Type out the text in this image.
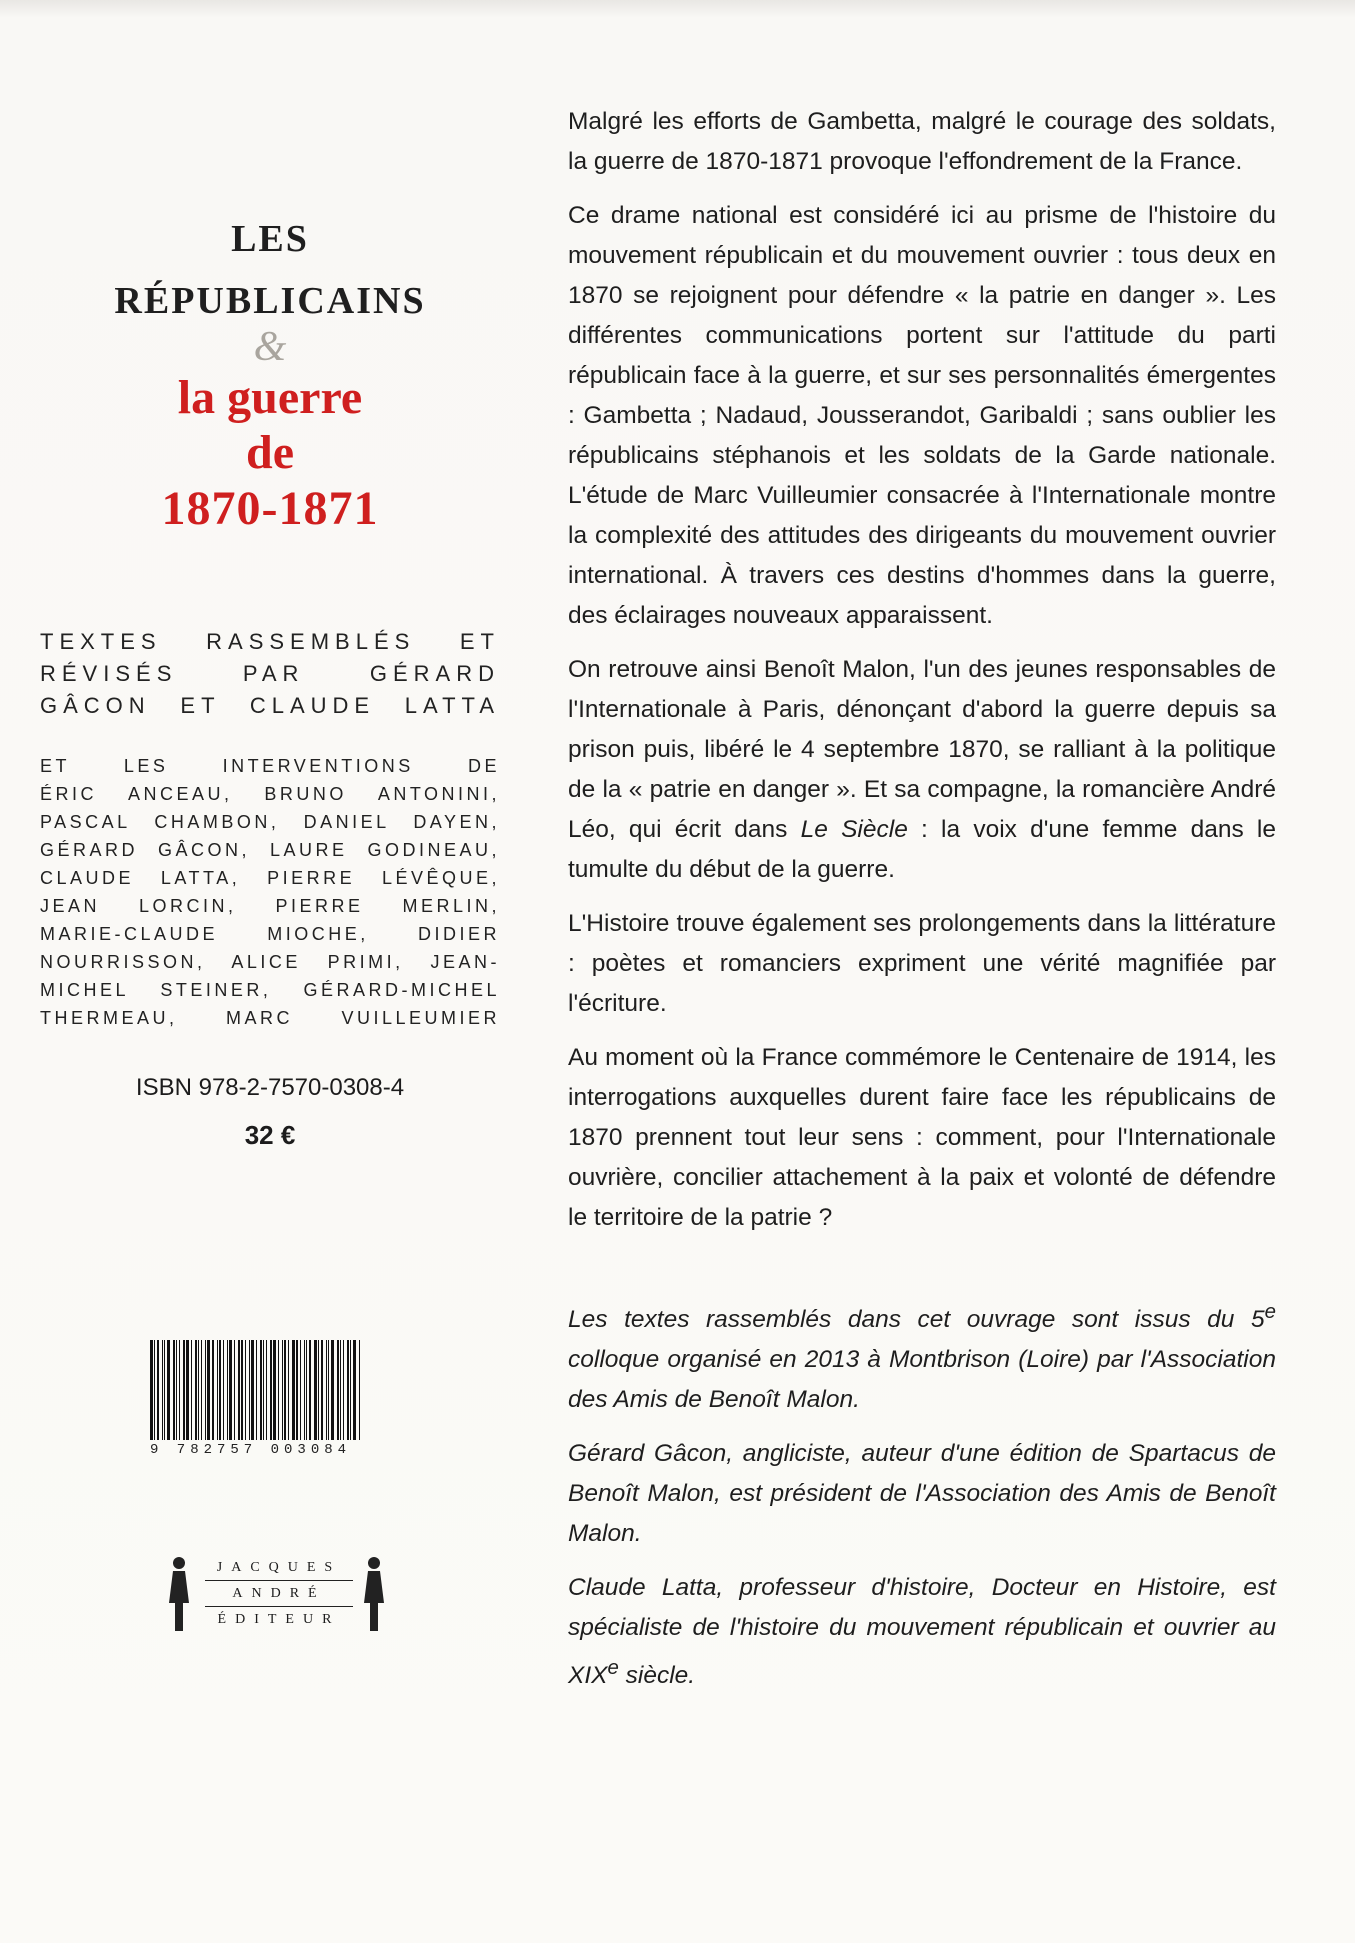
LES
RÉPUBLICAINS
&
la guerre
de
1870-1871
TEXTES RASSEMBLÉS ET
RÉVISÉS PAR GÉRARD
GÂCON ET CLAUDE LATTA
ET LES INTERVENTIONS DE
ÉRIC ANCEAU, BRUNO ANTONINI,
PASCAL CHAMBON, DANIEL DAYEN,
GÉRARD GÂCON, LAURE GODINEAU,
CLAUDE LATTA, PIERRE LÉVÊQUE,
JEAN LORCIN, PIERRE MERLIN,
MARIE-CLAUDE MIOCHE, DIDIER
NOURRISSON, ALICE PRIMI, JEAN-
MICHEL STEINER, GÉRARD-MICHEL
THERMEAU, MARC VUILLEUMIER
ISBN 978-2-7570-0308-4
32 €
9 782757 003084
JACQUES
ANDRÉ
ÉDITEUR

Malgré les efforts de Gambetta, malgré le courage des soldats, la guerre de 1870-1871 provoque l'effondrement de la France.

Ce drame national est considéré ici au prisme de l'histoire du mouvement républicain et du mouvement ouvrier : tous deux en 1870 se rejoignent pour défendre « la patrie en danger ». Les différentes communications portent sur l'attitude du parti républicain face à la guerre, et sur ses personnalités émergentes : Gambetta ; Nadaud, Jousserandot, Garibaldi ; sans oublier les républicains stéphanois et les soldats de la Garde nationale. L'étude de Marc Vuilleumier consacrée à l'Internationale montre la complexité des attitudes des dirigeants du mouvement ouvrier international. À travers ces destins d'hommes dans la guerre, des éclairages nouveaux apparaissent.

On retrouve ainsi Benoît Malon, l'un des jeunes responsables de l'Internationale à Paris, dénonçant d'abord la guerre depuis sa prison puis, libéré le 4 septembre 1870, se ralliant à la politique de la « patrie en danger ». Et sa compagne, la romancière André Léo, qui écrit dans Le Siècle : la voix d'une femme dans le tumulte du début de la guerre.

L'Histoire trouve également ses prolongements dans la littérature : poètes et romanciers expriment une vérité magnifiée par l'écriture.

Au moment où la France commémore le Centenaire de 1914, les interrogations auxquelles durent faire face les républicains de 1870 prennent tout leur sens : comment, pour l'Internationale ouvrière, concilier attachement à la paix et volonté de défendre le territoire de la patrie ?

Les textes rassemblés dans cet ouvrage sont issus du 5e colloque organisé en 2013 à Montbrison (Loire) par l'Association des Amis de Benoît Malon.

Gérard Gâcon, angliciste, auteur d'une édition de Spartacus de Benoît Malon, est président de l'Association des Amis de Benoît Malon.

Claude Latta, professeur d'histoire, Docteur en Histoire, est spécialiste de l'histoire du mouvement républicain et ouvrier au XIXe siècle.
